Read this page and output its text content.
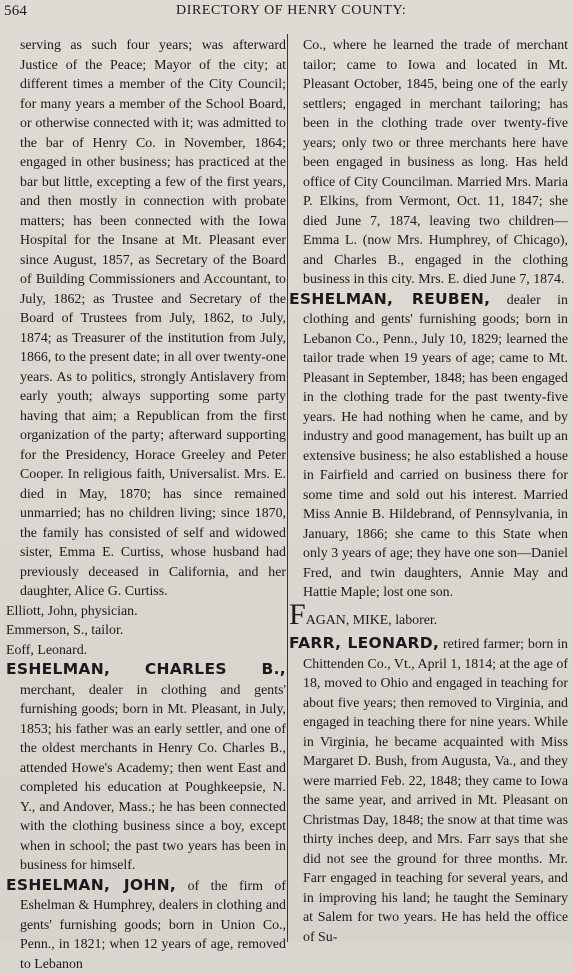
564	DIRECTORY OF HENRY COUNTY:

serving as such four years; was afterward Justice of the Peace; Mayor of the city; at different times a member of the City Council; for many years a member of the School Board, or otherwise connected with it; was admitted to the bar of Henry Co. in November, 1864; engaged in other business; has practiced at the bar but little, excepting a few of the first years, and then mostly in connection with probate matters; has been connected with the Iowa Hospital for the Insane at Mt. Pleasant ever since August, 1857, as Secretary of the Board of Building Commissioners and Accountant, to July, 1862; as Trustee and Secretary of the Board of Trustees from July, 1862, to July, 1874; as Treasurer of the institution from July, 1866, to the present date; in all over twenty-one years. As to politics, strongly Antislavery from early youth; always supporting some party having that aim; a Republican from the first organization of the party; afterward supporting for the Presidency, Horace Greeley and Peter Cooper. In religious faith, Universalist. Mrs. E. died in May, 1870; has since remained unmarried; has no children living; since 1870, the family has consisted of self and widowed sister, Emma E. Curtiss, whose husband had previously deceased in California, and her daughter, Alice G. Curtiss.

Elliott, John, physician.

Emmerson, S., tailor.

Eoff, Leonard.

ESHELMAN, CHARLES B., merchant, dealer in clothing and gents' furnishing goods; born in Mt. Pleasant, in July, 1853; his father was an early settler, and one of the oldest merchants in Henry Co. Charles B., attended Howe's Academy; then went East and completed his education at Poughkeepsie, N. Y., and Andover, Mass.; he has been connected with the clothing business since a boy, except when in school; the past two years has been in business for himself.

ESHELMAN, JOHN, of the firm of Eshelman & Humphrey, dealers in clothing and gents' furnishing goods; born in Union Co., Penn., in 1821; when 12 years of age, removed to Lebanon

Co., where he learned the trade of merchant tailor; came to Iowa and located in Mt. Pleasant October, 1845, being one of the early settlers; engaged in merchant tailoring; has been in the clothing trade over twenty-five years; only two or three merchants here have been engaged in business as long. Has held office of City Councilman. Married Mrs. Maria P. Elkins, from Vermont, Oct. 11, 1847; she died June 7, 1874, leaving two children—Emma L. (now Mrs. Humphrey, of Chicago), and Charles B., engaged in the clothing business in this city. Mrs. E. died June 7, 1874.

ESHELMAN, REUBEN, dealer in clothing and gents' furnishing goods; born in Lebanon Co., Penn., July 10, 1829; learned the tailor trade when 19 years of age; came to Mt. Pleasant in September, 1848; has been engaged in the clothing trade for the past twenty-five years. He had nothing when he came, and by industry and good management, has built up an extensive business; he also established a house in Fairfield and carried on business there for some time and sold out his interest. Married Miss Annie B. Hildebrand, of Pennsylvania, in January, 1866; she came to this State when only 3 years of age; they have one son—Daniel Fred, and twin daughters, Annie May and Hattie Maple; lost one son.

FAGAN, MIKE, laborer.

FARR, LEONARD, retired farmer; born in Chittenden Co., Vt., April 1, 1814; at the age of 18, moved to Ohio and engaged in teaching for about five years; then removed to Virginia, and engaged in teaching there for nine years. While in Virginia, he became acquainted with Miss Margaret D. Bush, from Augusta, Va., and they were married Feb. 22, 1848; they came to Iowa the same year, and arrived in Mt. Pleasant on Christmas Day, 1848; the snow at that time was thirty inches deep, and Mrs. Farr says that she did not see the ground for three months. Mr. Farr engaged in teaching for several years, and in improving his land; he taught the Seminary at Salem for two years. He has held the office of Su-
